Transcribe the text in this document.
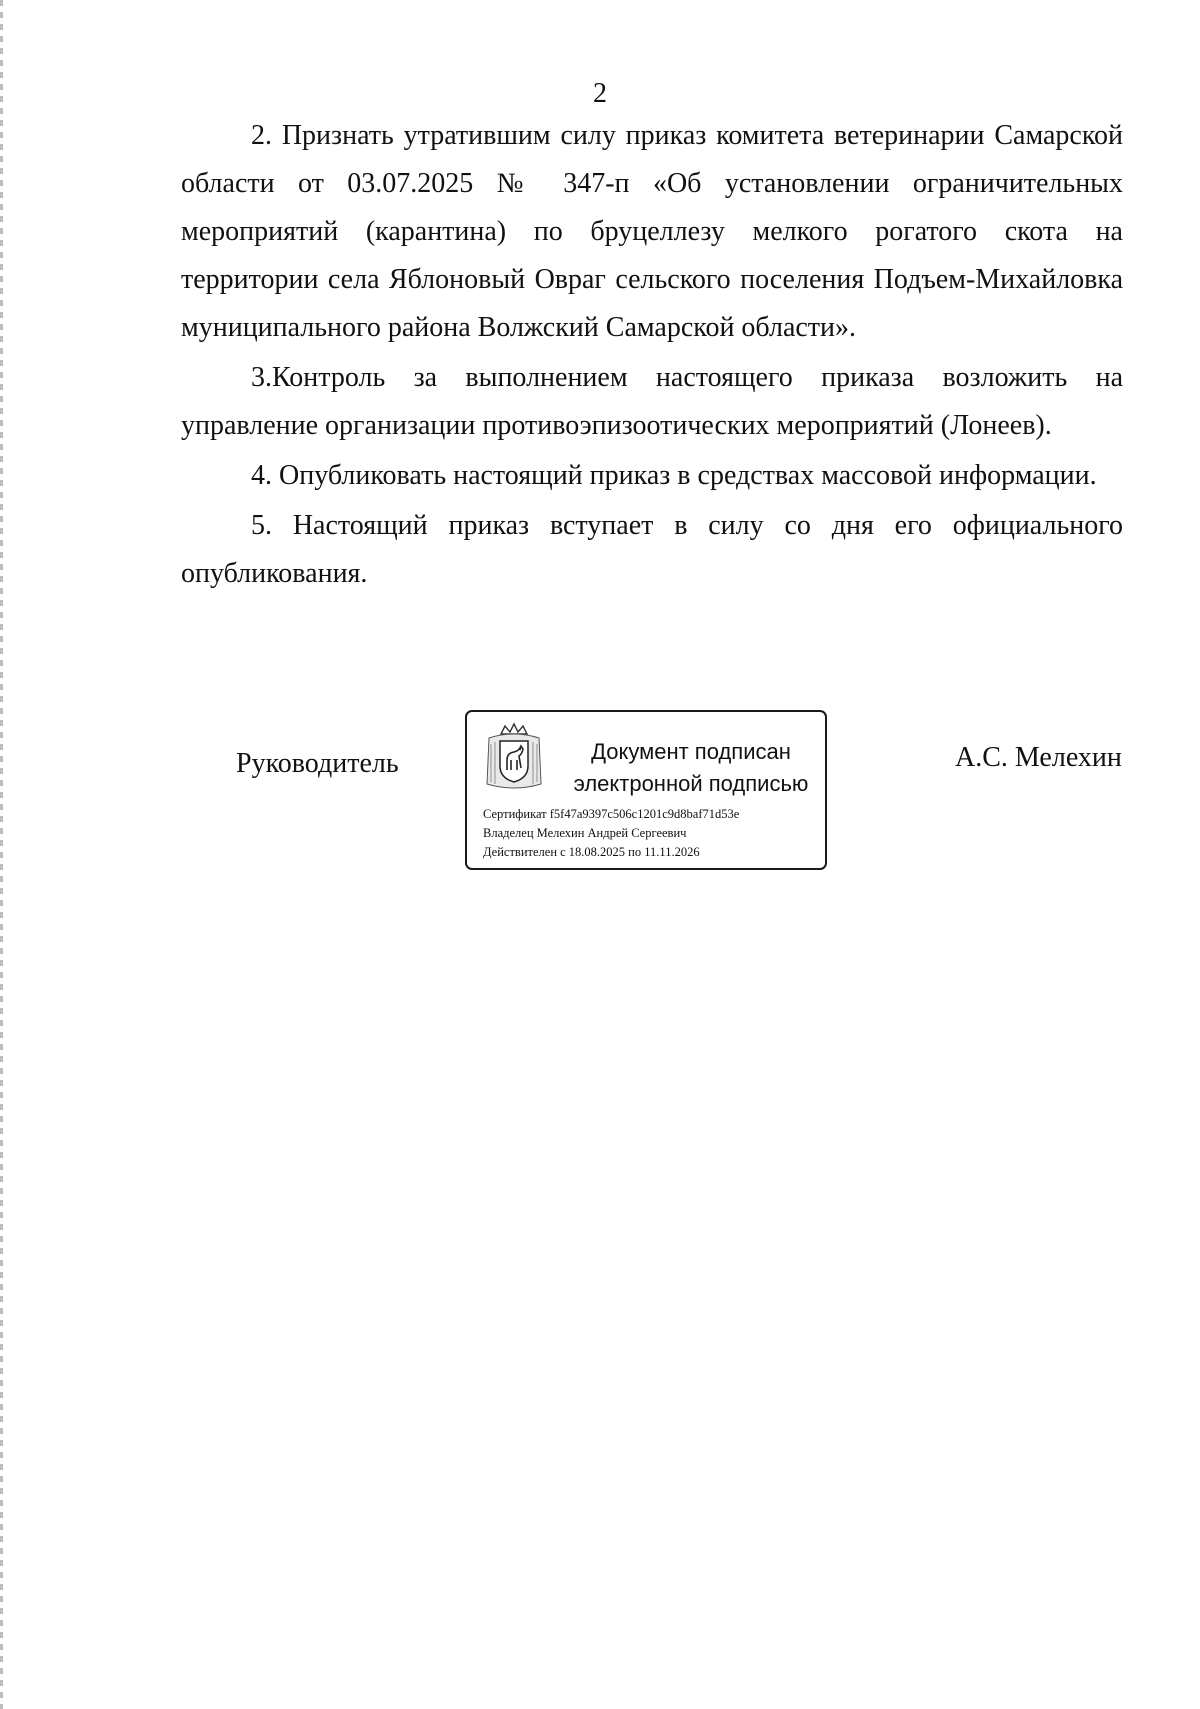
2

2. Признать утратившим силу приказ комитета ветеринарии Самарской области от 03.07.2025 № 347-п «Об установлении ограничительных мероприятий (карантина) по бруцеллезу мелкого рогатого скота на территории села Яблоновый Овраг сельского поселения Подъем-Михайловка муниципального района Волжский Самарской области».

3.Контроль за выполнением настоящего приказа возложить на управление организации противоэпизоотических мероприятий (Лонеев).

4. Опубликовать настоящий приказ в средствах массовой информации.

5. Настоящий приказ вступает в силу со дня его официального опубликования.

Руководитель	Документ подписан
электронной подписью
Сертификат f5f47a9397c506c1201c9d8baf71d53e
Владелец Мелехин Андрей Сергеевич
Действителен с 18.08.2025 по 11.11.2026
А.С. Мелехин
